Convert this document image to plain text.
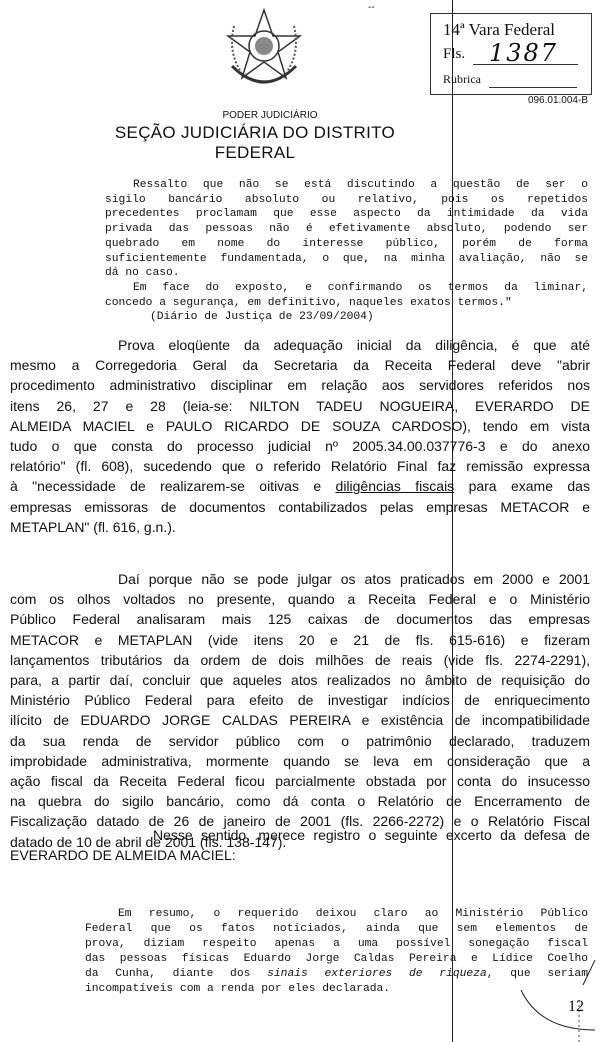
--
14ª Vara Federal
Fls. 1387
Rubrica
096.01.004-B
PODER JUDICIÁRIO
SEÇÃO JUDICIÁRIA DO DISTRITO FEDERAL
Ressalto que não se está discutindo a questão de ser o
sigilo bancário absoluto ou relativo, pois os repetidos
precedentes proclamam que esse aspecto da intimidade da vida
privada das pessoas não é efetivamente absoluto, podendo ser
quebrado em nome do interesse público, porém de forma
suficientemente fundamentada, o que, na minha avaliação, não se
dá no caso.
Em face do exposto, e confirmando os termos da liminar,
concedo a segurança, em definitivo, naqueles exatos termos."
(Diário de Justiça de 23/09/2004)
Prova eloqüente da adequação inicial da diligência, é que até
mesmo a Corregedoria Geral da Secretaria da Receita Federal deve "abrir
procedimento administrativo disciplinar em relação aos servidores referidos nos
itens 26, 27 e 28 (leia-se: NILTON TADEU NOGUEIRA, EVERARDO DE
ALMEIDA MACIEL e PAULO RICARDO DE SOUZA CARDOSO), tendo em vista
tudo o que consta do processo judicial nº 2005.34.00.037776-3 e do anexo
relatório" (fl. 608), sucedendo que o referido Relatório Final faz remissão expressa
à "necessidade de realizarem-se oitivas e diligências fiscais para exame das
empresas emissoras de documentos contabilizados pelas empresas METACOR e
METAPLAN" (fl. 616, g.n.).
Daí porque não se pode julgar os atos praticados em 2000 e 2001
com os olhos voltados no presente, quando a Receita Federal e o Ministério
Público Federal analisaram mais 125 caixas de documentos das empresas
METACOR e METAPLAN (vide itens 20 e 21 de fls. 615-616) e fizeram
lançamentos tributários da ordem de dois milhões de reais (vide fls. 2274-2291),
para, a partir daí, concluir que aqueles atos realizados no âmbito de requisição do
Ministério Público Federal para efeito de investigar indícios de enriquecimento
ilícito de EDUARDO JORGE CALDAS PEREIRA e existência de incompatibilidade
da sua renda de servidor público com o patrimônio declarado, traduzem
improbidade administrativa, mormente quando se leva em consideração que a
ação fiscal da Receita Federal ficou parcialmente obstada por conta do insucesso
na quebra do sigilo bancário, como dá conta o Relatório de Encerramento de
Fiscalização datado de 26 de janeiro de 2001 (fls. 2266-2272) e o Relatório Fiscal
datado de 10 de abril de 2001 (fls. 138-147).
Nesse sentido, merece registro o seguinte excerto da defesa de
EVERARDO DE ALMEIDA MACIEL:
Em resumo, o requerido deixou claro ao Ministério Público
Federal que os fatos noticiados, ainda que sem elementos de
prova, diziam respeito apenas a uma possível sonegação fiscal
das pessoas físicas Eduardo Jorge Caldas Pereira e Lídice Coelho
da Cunha, diante dos sinais exteriores de riqueza, que seriam
incompatíveis com a renda por eles declarada.
12
